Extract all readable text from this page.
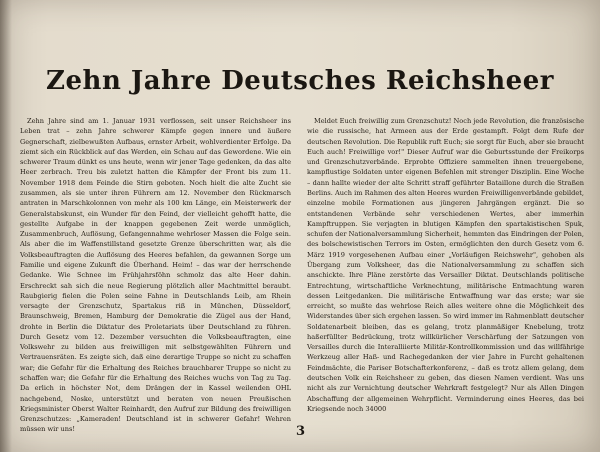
Zehn Jahre Deutsches Reichsheer

Zehn Jahre sind am 1. Januar 1931 verflossen, seit unser Reichsheer ins Leben trat – zehn Jahre schwerer Kämpfe gegen innere und äußere Gegnerschaft, zielbewußten Aufbaus, ernster Arbeit, wohlverdienter Erfolge. Da ziemt sich ein Rückblick auf das Werden, ein Schau auf das Gewordene. Wie ein schwerer Traum dünkt es uns heute, wenn wir jener Tage gedenken, da das alte Heer zerbrach. Treu bis zuletzt hatten die Kämpfer der Front bis zum 11. November 1918 dem Feinde die Stirn geboten. Noch hielt die alte Zucht sie zusammen, als sie unter ihren Führern am 12. November den Rückmarsch antraten in Marschkolonnen von mehr als 100 km Länge, ein Meisterwerk der Generalstabskunst, ein Wunder für den Feind, der vielleicht gehofft hatte, die gestellte Aufgabe in der knappen gegebenen Zeit werde unmöglich, Zusammenbruch, Auflösung, Gefangennahme wehrloser Massen die Folge sein. Als aber die im Waffenstillstand gesetzte Grenze überschritten war, als die Volksbeauftragten die Auflösung des Heeres befahlen, da gewannen Sorge um Familie und eigene Zukunft die Überhand. Heim! – das war der herrschende Gedanke. Wie Schnee im Frühjahrsföhn schmolz das alte Heer dahin. Erschreckt sah sich die neue Regierung plötzlich aller Machtmittel beraubt. Raubgierig fielen die Polen seine Fahne in Deutschlands Leib, am Rhein versagte der Grenzschutz, Spartakus riß in München, Düsseldorf, Braunschweig, Bremen, Hamburg der Demokratie die Zügel aus der Hand, drohte in Berlin die Diktatur des Proletariats über Deutschland zu führen. Durch Gesetz vom 12. Dezember versuchten die Volksbeauftragten, eine Volkswehr zu bilden aus freiwilligen mit selbstgewählten Führern und Vertrauensräten. Es zeigte sich, daß eine derartige Truppe so nicht zu schaffen war; die Gefahr für die Erhaltung des Reiches brauchbarer Truppe so nicht zu schaffen war; die Gefahr für die Erhaltung des Reiches wuchs von Tag zu Tag. Da erlich in höchster Not, dem Drängen der in Kassel weilenden OHL nachgebend, Noske, unterstützt und beraten von neuen Preußischen Kriegsminister Oberst Walter Reinhardt, den Aufruf zur Bildung des freiwilligen Grenzschutzes: „Kameraden! Deutschland ist in schwerer Gefahr! Wehren müssen wir uns!

Meldet Euch freiwillig zum Grenzschutz! Noch jede Revolution, die französische wie die russische, hat Armeen aus der Erde gestampft. Folgt dem Rufe der deutschen Revolution. Die Republik ruft Euch; sie sorgt für Euch, aber sie braucht Euch auch! Freiwillige vor!" Dieser Aufruf war die Geburtsstunde der Freikorps und Grenzschutzverbände. Erprobte Offiziere sammelten ihnen treuergebene, kampflustige Soldaten unter eigenen Befehlen mit strenger Disziplin. Eine Woche – dann hallte wieder der alte Schritt straff geführter Bataillone durch die Straßen Berlins. Auch im Rahmen des alten Heeres wurden Freiwilligenverbände gebildet, einzelne mobile Formationen aus jüngeren Jahrgängen ergänzt. Die so entstandenen Verbände sehr verschiedenen Wertes, aber immerhin Kampftruppen. Sie verjagten in blutigen Kämpfen den spartakistischen Spuk, schufen der Nationalversammlung Sicherheit, hemmten das Eindringen der Polen, des bolschewistischen Terrors im Osten, ermöglichten den durch Gesetz vom 6. März 1919 vorgesehenen Aufbau einer „Vorläufigen Reichswehr", gehoben als Übergang zum Volksheer, das die Nationalversammlung zu schaffen sich anschickte. Ihre Pläne zerstörte das Versailler Diktat. Deutschlands politische Entrechtung, wirtschaftliche Verknechtung, militärische Entmachtung waren dessen Leitgedanken. Die militärische Entwaffnung war das erste; war sie erreicht, so mußte das wehrlose Reich alles weitere ohne die Möglichkeit des Widerstandes über sich ergehen lassen. So wird immer im Rahmenblatt deutscher Soldatenarbeit bleiben, das es gelang, trotz planmäßiger Knebelung, trotz haßerfüllter Bedrückung, trotz willkürlicher Verschärfung der Satzungen von Versailles durch die Interalliierte Militär-Kontrollkommission und das willfährige Werkzeug aller Haß- und Rachegedanken der vier Jahre in Furcht gehaltenen Feindmächte, die Pariser Botschafterkonferenz, – daß es trotz allem gelang, dem deutschen Volk ein Reichsheer zu geben, das diesen Namen verdient. Was uns nicht als zur Vernichtung deutscher Wehrkraft festgelegt? Nur als Allen Dingen Abschaffung der allgemeinen Wehrpflicht. Verminderung eines Heeres, das bei Kriegsende noch 34000

3
